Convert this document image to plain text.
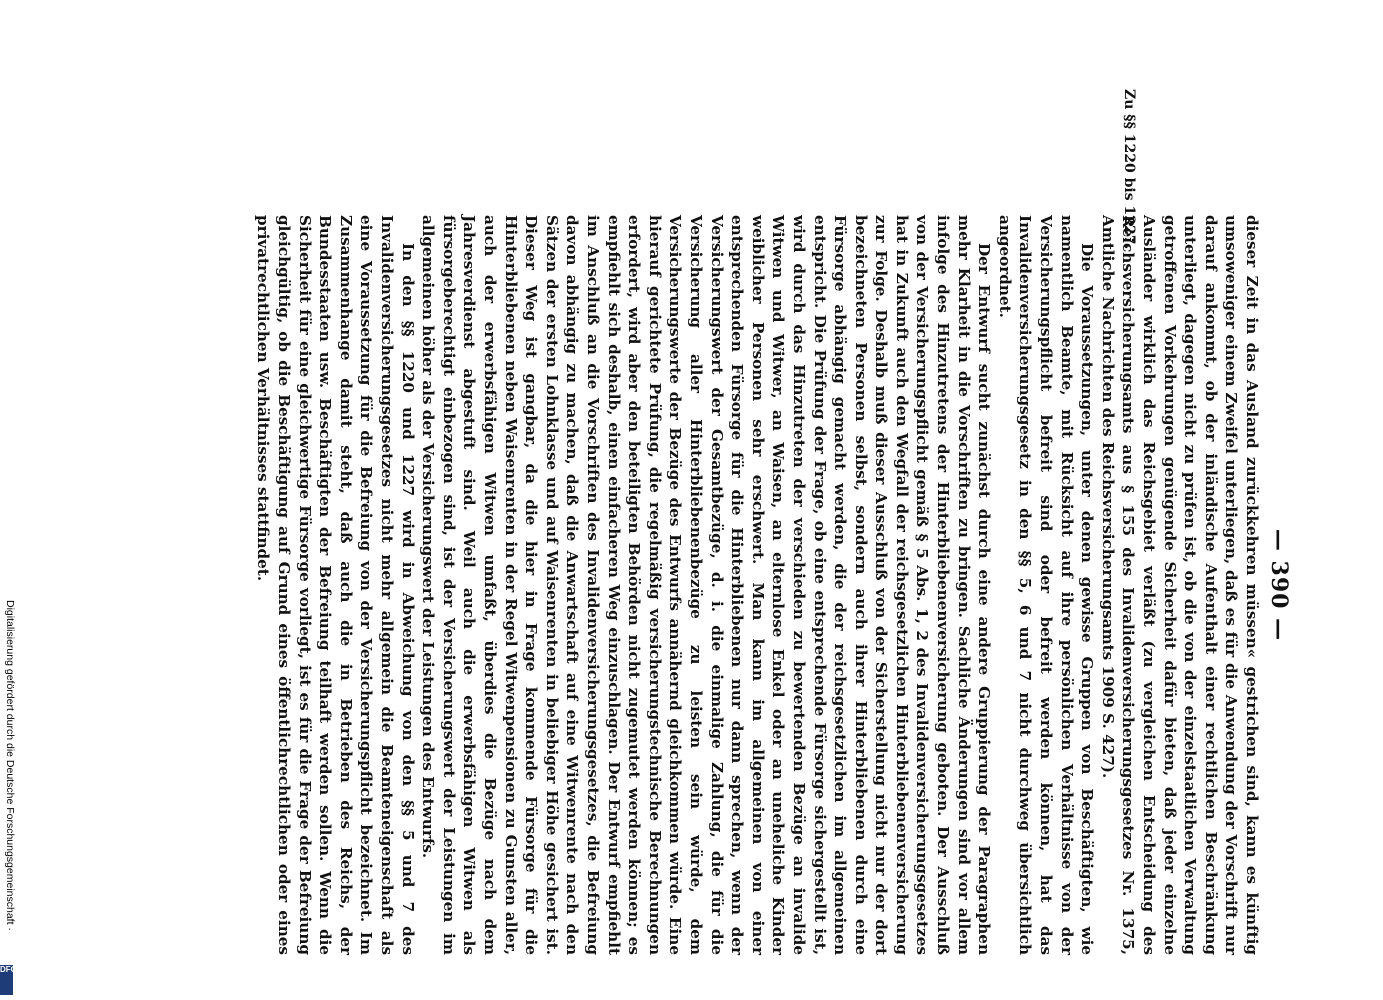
— 390 —
Zu §§ 1220 bis 1227.

dieser Zeit in das Ausland zurückkehren müssen« gestrichen sind, kann es künftig umsoweniger einem Zweifel unterliegen, daß es für die Anwendung der Vorschrift nur darauf ankommt, ob der inländische Aufenthalt einer rechtlichen Beschränkung unterliegt, dagegen nicht zu prüfen ist, ob die von der einzelstaatlichen Verwaltung getroffenen Vorkehrungen genügende Sicherheit dafür bieten, daß jeder einzelne Ausländer wirklich das Reichsgebiet verläßt (zu vergleichen Entscheidung des Reichsversicherungsamts aus § 155 des Invalidenversicherungsgesetzes Nr. 1375, Amtliche Nachrichten des Reichsversicherungsamts 1909 S. 427).

Die Voraussetzungen, unter denen gewisse Gruppen von Beschäftigten, wie namentlich Beamte, mit Rücksicht auf ihre persönlichen Verhältnisse von der Versicherungspflicht befreit sind oder befreit werden können, hat das Invalidenversicherungsgesetz in den §§ 5, 6 und 7 nicht durchweg übersichtlich angeordnet.

Der Entwurf sucht zunächst durch eine andere Gruppierung der Paragraphen mehr Klarheit in die Vorschriften zu bringen. Sachliche Änderungen sind vor allem infolge des Hinzutretens der Hinterbliebenenversicherung geboten. Der Ausschluß von der Versicherungspflicht gemäß § 5 Abs. 1, 2 des Invalidenversicherungsgesetzes hat in Zukunft auch den Wegfall der reichsgesetzlichen Hinterbliebenenversicherung zur Folge. Deshalb muß dieser Ausschluß von der Sicherstellung nicht nur der dort bezeichneten Personen selbst, sondern auch ihrer Hinterbliebenen durch eine Fürsorge abhängig gemacht werden, die der reichsgesetzlichen im allgemeinen entspricht. Die Prüfung der Frage, ob eine entsprechende Fürsorge sichergestellt ist, wird durch das Hinzutreten der verschieden zu bewertenden Bezüge an invalide Witwen und Witwer, an Waisen, an elternlose Enkel oder an uneheliche Kinder weiblicher Personen sehr erschwert. Man kann im allgemeinen von einer entsprechenden Fürsorge für die Hinterbliebenen nur dann sprechen, wenn der Versicherungswert der Gesamtbezüge, d. i. die einmalige Zahlung, die für die Versicherung aller Hinterbliebenenbezüge zu leisten sein würde, dem Versicherungswerte der Bezüge des Entwurfs annähernd gleichkommen würde. Eine hierauf gerichtete Prüfung, die regelmäßig versicherungstechnische Berechnungen erfordert, wird aber den beteiligten Behörden nicht zugemutet werden können; es empfiehlt sich deshalb, einen einfacheren Weg einzuschlagen. Der Entwurf empfiehlt im Anschluß an die Vorschriften des Invalidenversicherungsgesetzes, die Befreiung davon abhängig zu machen, daß die Anwartschaft auf eine Witwenrente nach den Sätzen der ersten Lohnklasse und auf Waisenrenten in beliebiger Höhe gesichert ist. Dieser Weg ist gangbar, da die hier in Frage kommende Fürsorge für die Hinterbliebenen neben Waisenrenten in der Regel Witwenpensionen zu Gunsten aller, auch der erwerbsfähigen Witwen umfaßt, überdies die Bezüge nach dem Jahresverdienst abgestuft sind. Weil auch die erwerbsfähigen Witwen als fürsorgeberechtigt einbezogen sind, ist der Versicherungswert der Leistungen im allgemeinen höher als der Versicherungswert der Leistungen des Entwurfs.

In den §§ 1220 und 1227 wird in Abweichung von den §§ 5 und 7 des Invalidenversicherungsgesetzes nicht mehr allgemein die Beamteneigenschaft als eine Voraussetzung für die Befreiung von der Versicherungspflicht bezeichnet. Im Zusammenhange damit steht, daß auch die in Betrieben des Reichs, der Bundesstaaten usw. Beschäftigten der Befreiung teilhaft werden sollen. Wenn die Sicherheit für eine gleichwertige Fürsorge vorliegt, ist es für die Frage der Befreiung gleichgültig, ob die Beschäftigung auf Grund eines öffentlichrechtlichen oder eines privatrechtlichen Verhältnisses stattfindet.

Digitalisierung gefördert durch die Deutsche Forschungsgemeinschaft ·
DFG
